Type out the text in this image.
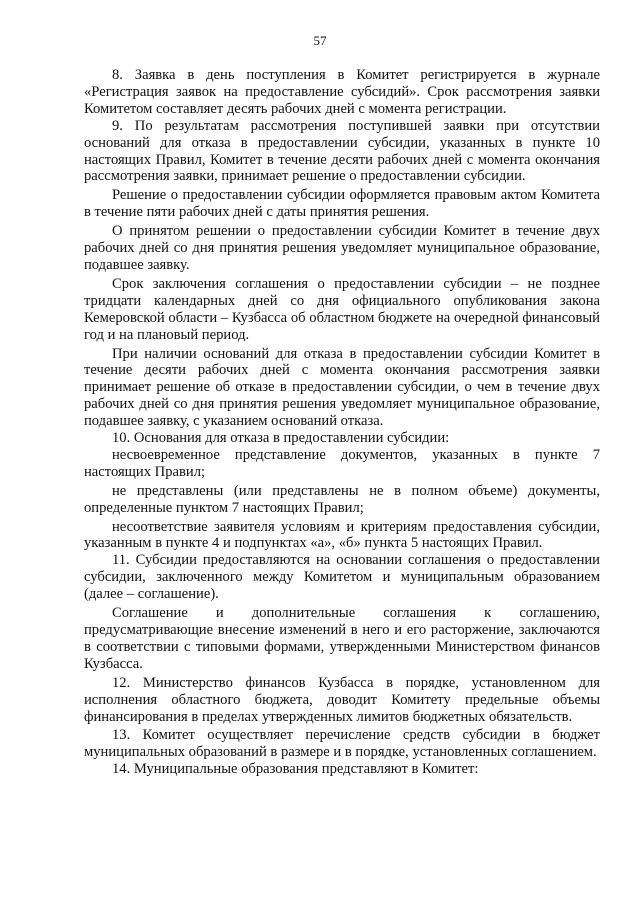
57

8. Заявка в день поступления в Комитет регистрируется в журнале «Регистрация заявок на предоставление субсидий». Срок рассмотрения заявки Комитетом составляет десять рабочих дней с момента регистрации.

9. По результатам рассмотрения поступившей заявки при отсутствии оснований для отказа в предоставлении субсидии, указанных в пункте 10 настоящих Правил, Комитет в течение десяти рабочих дней с момента окончания рассмотрения заявки, принимает решение о предоставлении субсидии.

Решение о предоставлении субсидии оформляется правовым актом Комитета в течение пяти рабочих дней с даты принятия решения.

О принятом решении о предоставлении субсидии Комитет в течение двух рабочих дней со дня принятия решения уведомляет муниципальное образование, подавшее заявку.

Срок заключения соглашения о предоставлении субсидии – не позднее тридцати календарных дней со дня официального опубликования закона Кемеровской области – Кузбасса об областном бюджете на очередной финансовый год и на плановый период.

При наличии оснований для отказа в предоставлении субсидии Комитет в течение десяти рабочих дней с момента окончания рассмотрения заявки принимает решение об отказе в предоставлении субсидии, о чем в течение двух рабочих дней со дня принятия решения уведомляет муниципальное образование, подавшее заявку, с указанием оснований отказа.

10. Основания для отказа в предоставлении субсидии:

несвоевременное представление документов, указанных в пункте 7 настоящих Правил;

не представлены (или представлены не в полном объеме) документы, определенные пунктом 7 настоящих Правил;

несоответствие заявителя условиям и критериям предоставления субсидии, указанным в пункте 4 и подпунктах «а», «б» пункта 5 настоящих Правил.

11. Субсидии предоставляются на основании соглашения о предоставлении субсидии, заключенного между Комитетом и муниципальным образованием (далее – соглашение).

Соглашение и дополнительные соглашения к соглашению, предусматривающие внесение изменений в него и его расторжение, заключаются в соответствии с типовыми формами, утвержденными Министерством финансов Кузбасса.

12. Министерство финансов Кузбасса в порядке, установленном для исполнения областного бюджета, доводит Комитету предельные объемы финансирования в пределах утвержденных лимитов бюджетных обязательств.

13. Комитет осуществляет перечисление средств субсидии в бюджет муниципальных образований в размере и в порядке, установленных соглашением.

14. Муниципальные образования представляют в Комитет:
